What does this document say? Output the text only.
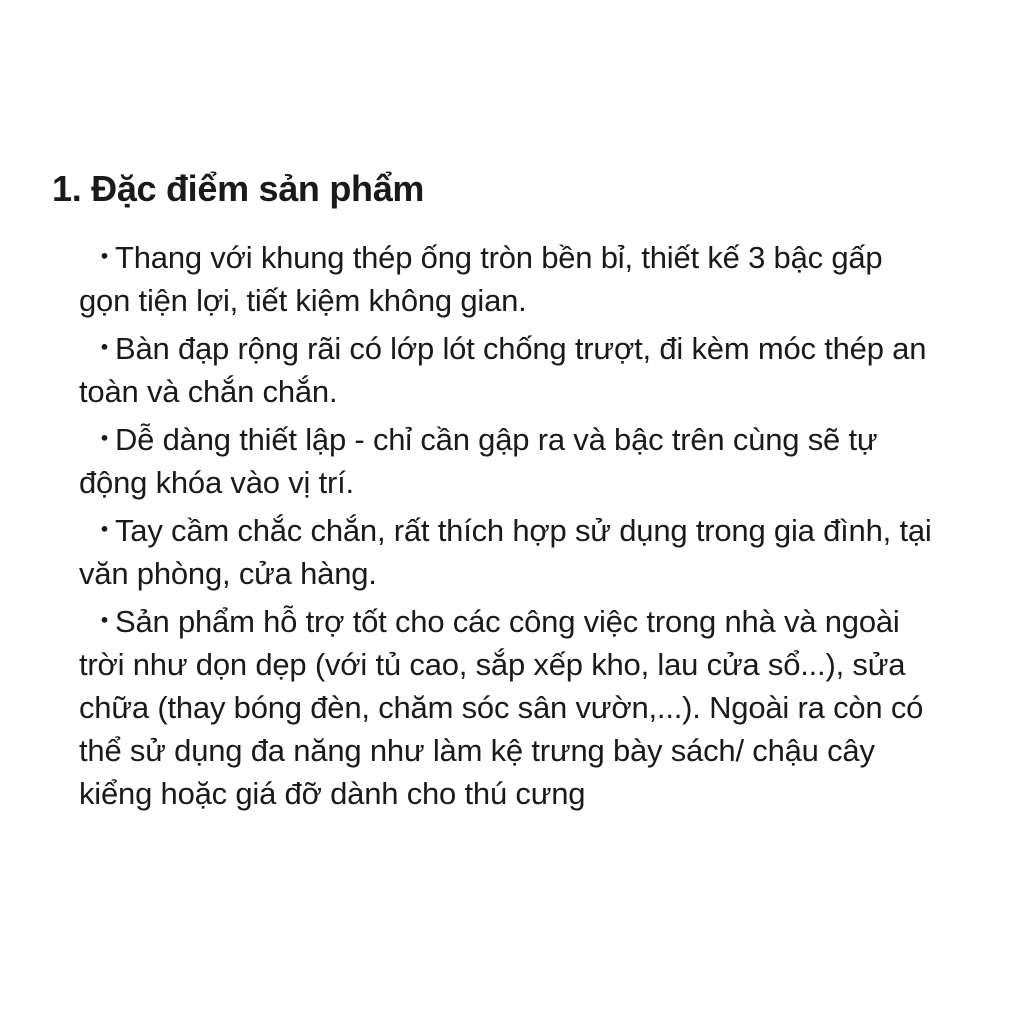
1. Đặc điểm sản phẩm
・
Thang với khung thép ống tròn bền bỉ, thiết kế 3 bậc gấp gọn tiện lợi, tiết kiệm không gian.
・
Bàn đạp rộng rãi có lớp lót chống trượt, đi kèm móc thép an toàn và chắn chắn.
・
Dễ dàng thiết lập - chỉ cần gập ra và bậc trên cùng sẽ tự động khóa vào vị trí.
・
Tay cầm chắc chắn, rất thích hợp sử dụng trong gia đình, tại văn phòng, cửa hàng.
・
Sản phẩm hỗ trợ tốt cho các công việc trong nhà và ngoài trời như dọn dẹp (với tủ cao, sắp xếp kho, lau cửa sổ...), sửa chữa (thay bóng đèn, chăm sóc sân vườn,...). Ngoài ra còn có thể sử dụng đa năng như làm kệ trưng bày sách/ chậu cây kiểng hoặc giá đỡ dành cho thú cưng
